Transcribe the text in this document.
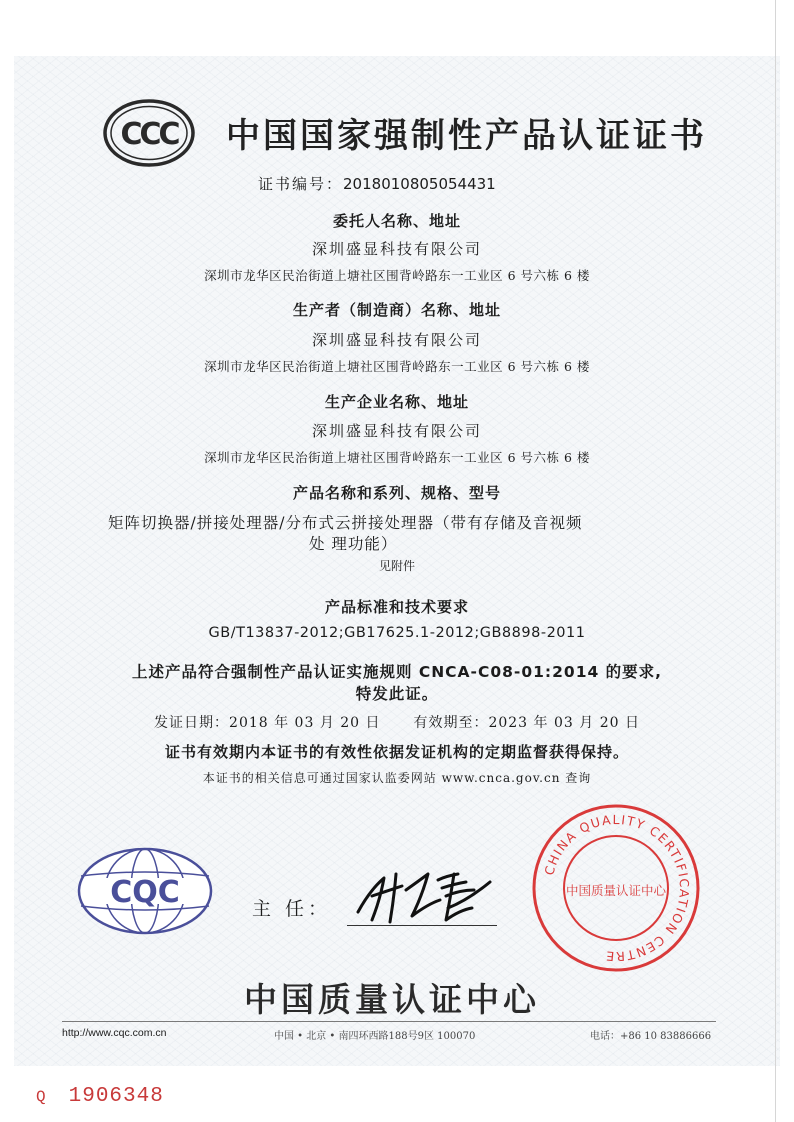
CCC 中国国家强制性产品认证证书
证书编号：2018010805054431
委托人名称、地址
深圳盛显科技有限公司
深圳市龙华区民治街道上塘社区围背岭路东一工业区 6 号六栋 6 楼
生产者（制造商）名称、地址
深圳盛显科技有限公司
深圳市龙华区民治街道上塘社区围背岭路东一工业区 6 号六栋 6 楼
生产企业名称、地址
深圳盛显科技有限公司
深圳市龙华区民治街道上塘社区围背岭路东一工业区 6 号六栋 6 楼
产品名称和系列、规格、型号
矩阵切换器/拼接处理器/分布式云拼接处理器（带有存储及音视频
处 理功能）
见附件
产品标准和技术要求
GB/T13837-2012;GB17625.1-2012;GB8898-2011
上述产品符合强制性产品认证实施规则 CNCA-C08-01:2014 的要求,
特发此证。
发证日期：2018 年 03 月 20 日 有效期至：2023 年 03 月 20 日
证书有效期内本证书的有效性依据发证机构的定期监督获得保持。
本证书的相关信息可通过国家认监委网站 www.cnca.gov.cn 查询
CQC	主 任：
CHINA QUALITY CERTIFICATION CENTRE
中国质量认证中心
中国质量认证中心
http://www.cqc.com.cn	中国 • 北京 • 南四环西路188号9区 100070	电话：+86 10 83886666
Q 1906348
